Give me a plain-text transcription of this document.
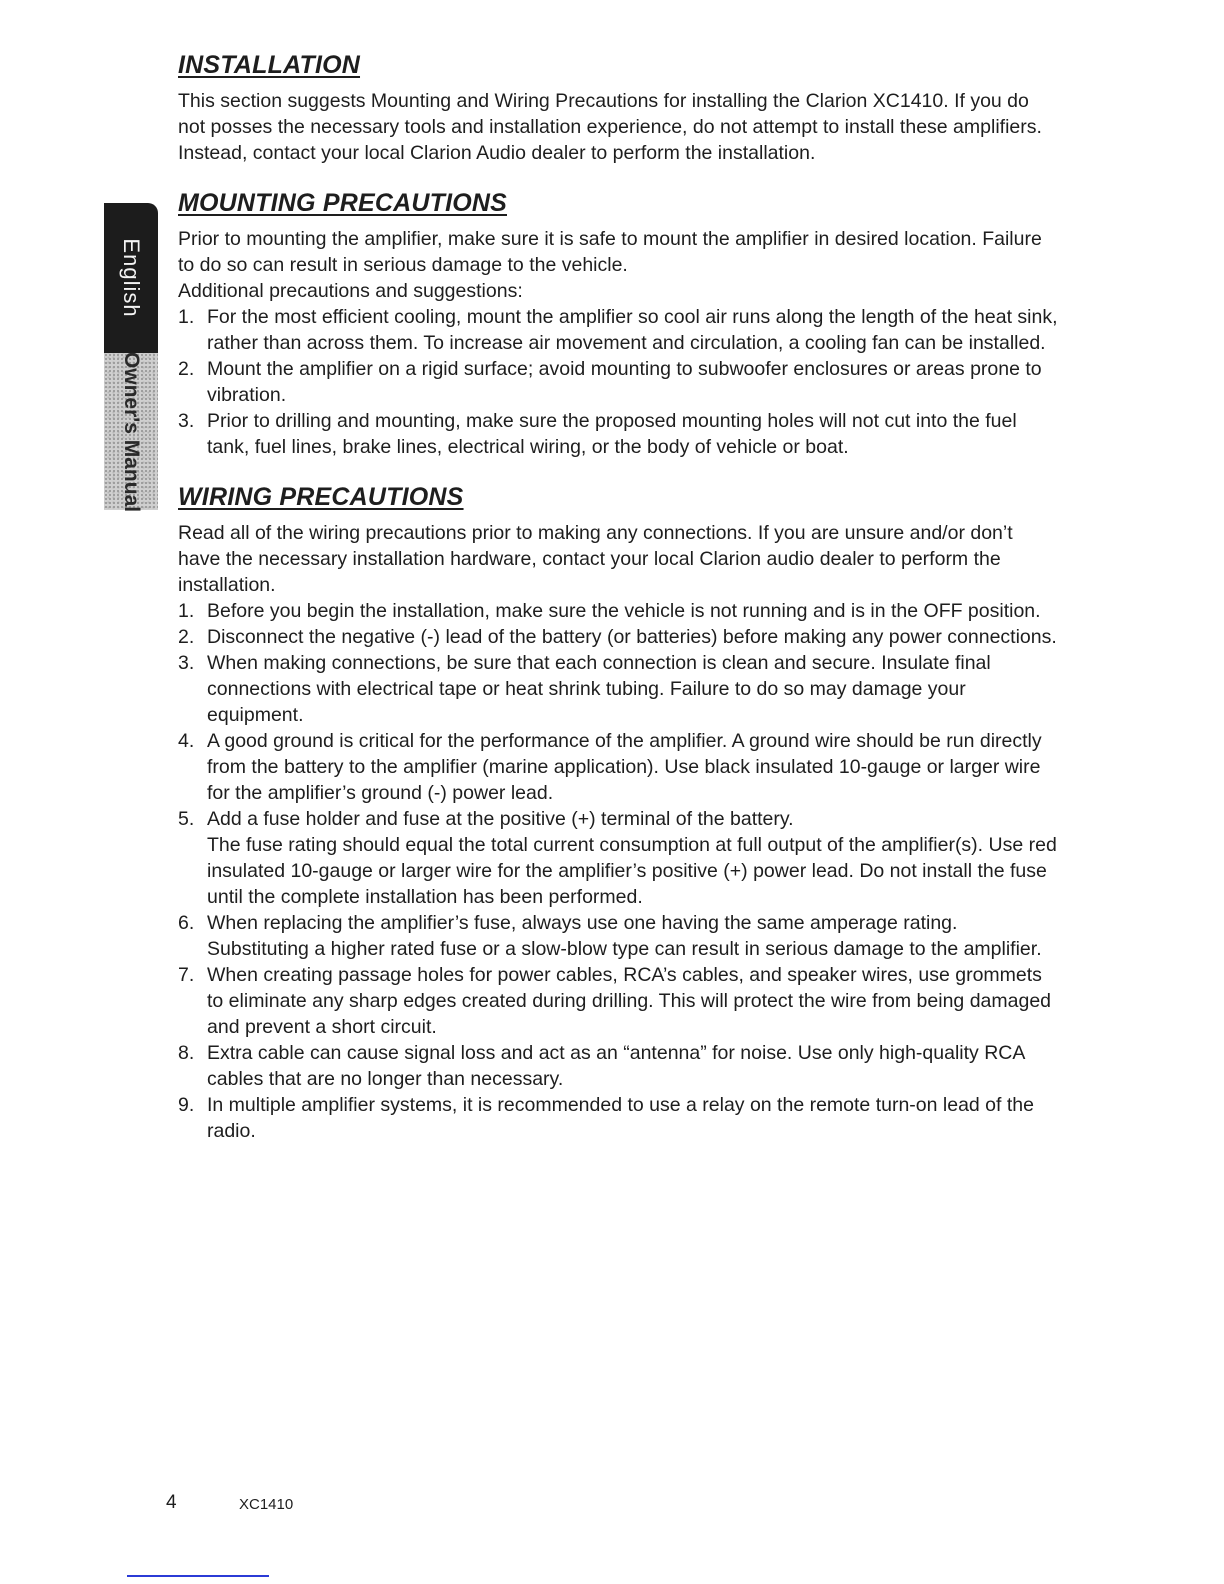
English
Owner's Manual
INSTALLATION

This section suggests Mounting and Wiring Precautions for installing the Clarion XC1410. If you do not posses the necessary tools and installation experience, do not attempt to install these amplifiers. Instead, contact your local Clarion Audio dealer to perform the installation.

MOUNTING PRECAUTIONS

Prior to mounting the amplifier, make sure it is safe to mount the amplifier in desired location. Failure to do so can result in serious damage to the vehicle.

Additional precautions and suggestions:

1. For the most efficient cooling, mount the amplifier so cool air runs along the length of the heat sink, rather than across them. To increase air movement and circulation, a cooling fan can be installed.
2. Mount the amplifier on a rigid surface; avoid mounting to subwoofer enclosures or areas prone to vibration.
3. Prior to drilling and mounting, make sure the proposed mounting holes will not cut into the fuel tank, fuel lines, brake lines, electrical wiring, or the body of vehicle or boat.
WIRING PRECAUTIONS

Read all of the wiring precautions prior to making any connections. If you are unsure and/or don’t have the necessary installation hardware, contact your local Clarion audio dealer to perform the installation.

1. Before you begin the installation, make sure the vehicle is not running and is in the OFF position.
2. Disconnect the negative (-) lead of the battery (or batteries) before making any power connections.
3. When making connections, be sure that each connection is clean and secure. Insulate final connections with electrical tape or heat shrink tubing. Failure to do so may damage your equipment.
4. A good ground is critical for the performance of the amplifier. A ground wire should be run directly from the battery to the amplifier (marine application). Use black insulated 10-gauge or larger wire for the amplifier’s ground (-) power lead.
5. Add a fuse holder and fuse at the positive (+) terminal of the battery.
The fuse rating should equal the total current consumption at full output of the amplifier(s). Use red insulated 10-gauge or larger wire for the amplifier’s positive (+) power lead. Do not install the fuse until the complete installation has been performed.
6. When replacing the amplifier’s fuse, always use one having the same amperage rating. Substituting a higher rated fuse or a slow-blow type can result in serious damage to the amplifier.
7. When creating passage holes for power cables, RCA’s cables, and speaker wires, use grommets to eliminate any sharp edges created during drilling. This will protect the wire from being damaged and prevent a short circuit.
8. Extra cable can cause signal loss and act as an “antenna” for noise. Use only high-quality RCA cables that are no longer than necessary.
9. In multiple amplifier systems, it is recommended to use a relay on the remote turn-on lead of the radio.
4	XC1410
